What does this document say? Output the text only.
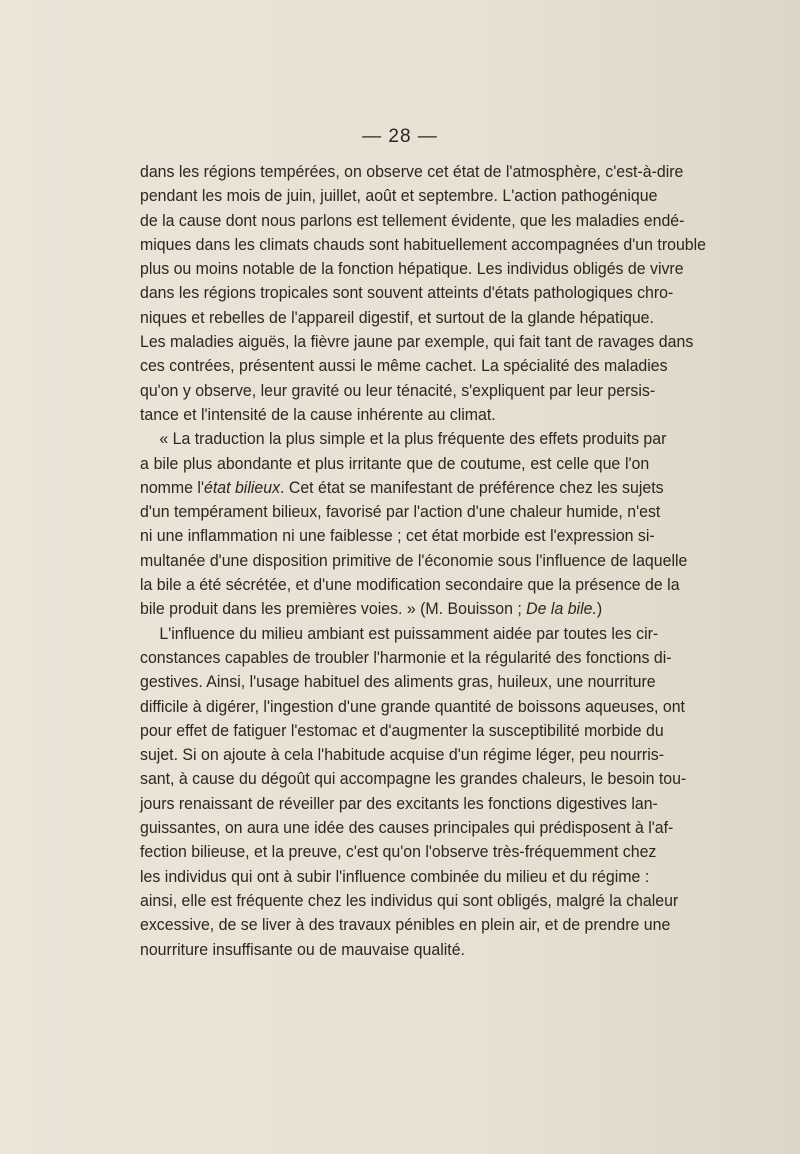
— 28 —

dans les régions tempérées, on observe cet état de l'atmosphère, c'est-à-dire
pendant les mois de juin, juillet, août et septembre. L'action pathogénique
de la cause dont nous parlons est tellement évidente, que les maladies endé-
miques dans les climats chauds sont habituellement accompagnées d'un trouble
plus ou moins notable de la fonction hépatique. Les individus obligés de vivre
dans les régions tropicales sont souvent atteints d'états pathologiques chro-
niques et rebelles de l'appareil digestif, et surtout de la glande hépatique.
Les maladies aiguës, la fièvre jaune par exemple, qui fait tant de ravages dans
ces contrées, présentent aussi le même cachet. La spécialité des maladies
qu'on y observe, leur gravité ou leur ténacité, s'expliquent par leur persis-
tance et l'intensité de la cause inhérente au climat.

« La traduction la plus simple et la plus fréquente des effets produits par
a bile plus abondante et plus irritante que de coutume, est celle que l'on
nomme l'état bilieux. Cet état se manifestant de préférence chez les sujets
d'un tempérament bilieux, favorisé par l'action d'une chaleur humide, n'est
ni une inflammation ni une faiblesse ; cet état morbide est l'expression si-
multanée d'une disposition primitive de l'économie sous l'influence de laquelle
la bile a été sécrétée, et d'une modification secondaire que la présence de la
bile produit dans les premières voies. » (M. Bouisson ; De la bile.)

L'influence du milieu ambiant est puissamment aidée par toutes les cir-
constances capables de troubler l'harmonie et la régularité des fonctions di-
gestives. Ainsi, l'usage habituel des aliments gras, huileux, une nourriture
difficile à digérer, l'ingestion d'une grande quantité de boissons aqueuses, ont
pour effet de fatiguer l'estomac et d'augmenter la susceptibilité morbide du
sujet. Si on ajoute à cela l'habitude acquise d'un régime léger, peu nourris-
sant, à cause du dégoût qui accompagne les grandes chaleurs, le besoin tou-
jours renaissant de réveiller par des excitants les fonctions digestives lan-
guissantes, on aura une idée des causes principales qui prédisposent à l'af-
fection bilieuse, et la preuve, c'est qu'on l'observe très-fréquemment chez
les individus qui ont à subir l'influence combinée du milieu et du régime :
ainsi, elle est fréquente chez les individus qui sont obligés, malgré la chaleur
excessive, de se liver à des travaux pénibles en plein air, et de prendre une
nourriture insuffisante ou de mauvaise qualité.
